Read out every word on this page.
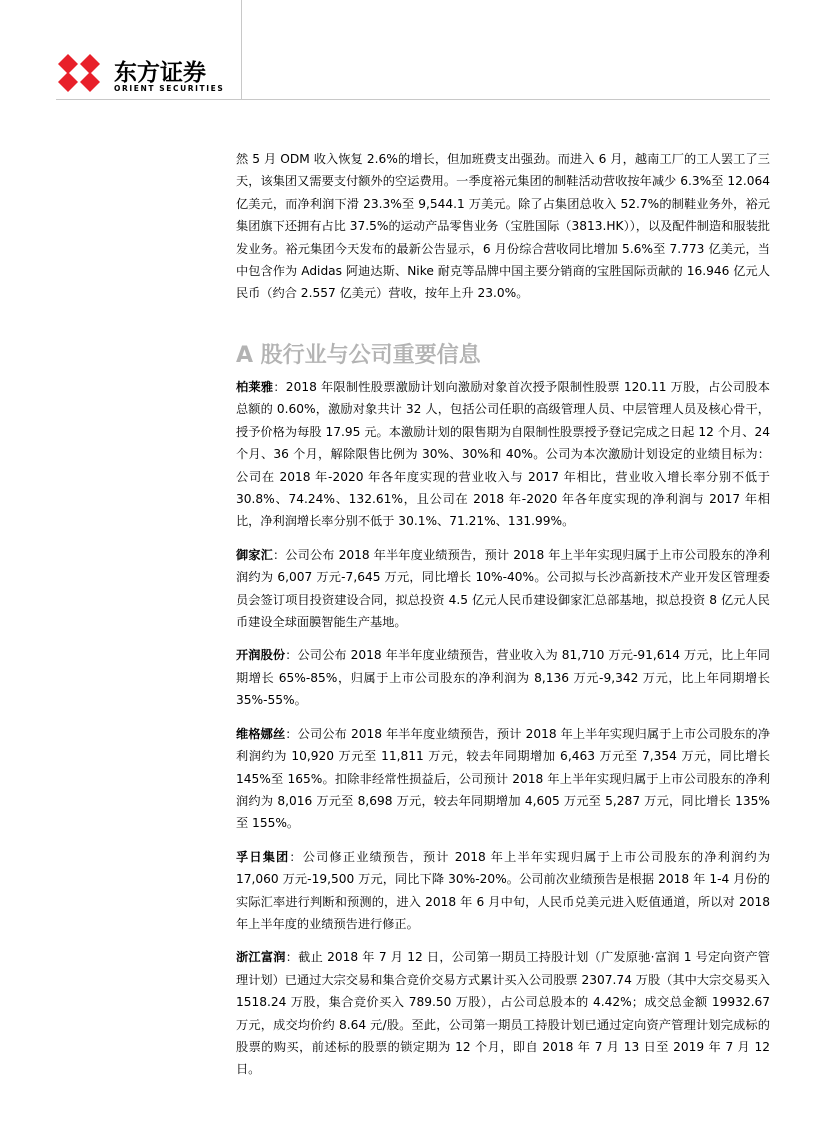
东方证券
ORIENT SECURITIES

然 5 月 ODM 收入恢复 2.6%的增长，但加班费支出强劲。而进入 6 月，越南工厂的工人罢工了三天，该集团又需要支付额外的空运费用。一季度裕元集团的制鞋活动营收按年减少 6.3%至 12.064 亿美元，而净利润下滑 23.3%至 9,544.1 万美元。除了占集团总收入 52.7%的制鞋业务外，裕元集团旗下还拥有占比 37.5%的运动产品零售业务（宝胜国际（3813.HK）），以及配件制造和服装批发业务。裕元集团今天发布的最新公告显示，6 月份综合营收同比增加 5.6%至 7.773 亿美元，当中包含作为 Adidas 阿迪达斯、Nike 耐克等品牌中国主要分销商的宝胜国际贡献的 16.946 亿元人民币（约合 2.557 亿美元）营收，按年上升 23.0%。

A 股行业与公司重要信息

柏莱雅：2018 年限制性股票激励计划向激励对象首次授予限制性股票 120.11 万股，占公司股本总额的 0.60%，激励对象共计 32 人，包括公司任职的高级管理人员、中层管理人员及核心骨干，授予价格为每股 17.95 元。本激励计划的限售期为自限制性股票授予登记完成之日起 12 个月、24 个月、36 个月，解除限售比例为 30%、30%和 40%。公司为本次激励计划设定的业绩目标为：公司在 2018 年-2020 年各年度实现的营业收入与 2017 年相比，营业收入增长率分别不低于 30.8%、74.24%、132.61%，且公司在 2018 年-2020 年各年度实现的净利润与 2017 年相比，净利润增长率分别不低于 30.1%、71.21%、131.99%。

御家汇：公司公布 2018 年半年度业绩预告，预计 2018 年上半年实现归属于上市公司股东的净利润约为 6,007 万元-7,645 万元，同比增长 10%-40%。公司拟与长沙高新技术产业开发区管理委员会签订项目投资建设合同，拟总投资 4.5 亿元人民币建设御家汇总部基地，拟总投资 8 亿元人民币建设全球面膜智能生产基地。

开润股份：公司公布 2018 年半年度业绩预告，营业收入为 81,710 万元-91,614 万元，比上年同期增长 65%-85%，归属于上市公司股东的净利润为 8,136 万元-9,342 万元，比上年同期增长 35%-55%。

维格娜丝：公司公布 2018 年半年度业绩预告，预计 2018 年上半年实现归属于上市公司股东的净利润约为 10,920 万元至 11,811 万元，较去年同期增加 6,463 万元至 7,354 万元，同比增长 145%至 165%。扣除非经常性损益后，公司预计 2018 年上半年实现归属于上市公司股东的净利润约为 8,016 万元至 8,698 万元，较去年同期增加 4,605 万元至 5,287 万元，同比增长 135%至 155%。

孚日集团：公司修正业绩预告，预计 2018 年上半年实现归属于上市公司股东的净利润约为 17,060 万元-19,500 万元，同比下降 30%-20%。公司前次业绩预告是根据 2018 年 1-4 月份的实际汇率进行判断和预测的，进入 2018 年 6 月中旬，人民币兑美元进入贬值通道，所以对 2018 年上半年度的业绩预告进行修正。

浙江富润：截止 2018 年 7 月 12 日，公司第一期员工持股计划（广发原驰·富润 1 号定向资产管理计划）已通过大宗交易和集合竞价交易方式累计买入公司股票 2307.74 万股（其中大宗交易买入 1518.24 万股，集合竞价买入 789.50 万股），占公司总股本的 4.42%；成交总金额 19932.67 万元，成交均价约 8.64 元/股。至此，公司第一期员工持股计划已通过定向资产管理计划完成标的股票的购买，前述标的股票的锁定期为 12 个月，即自 2018 年 7 月 13 日至 2019 年 7 月 12 日。
